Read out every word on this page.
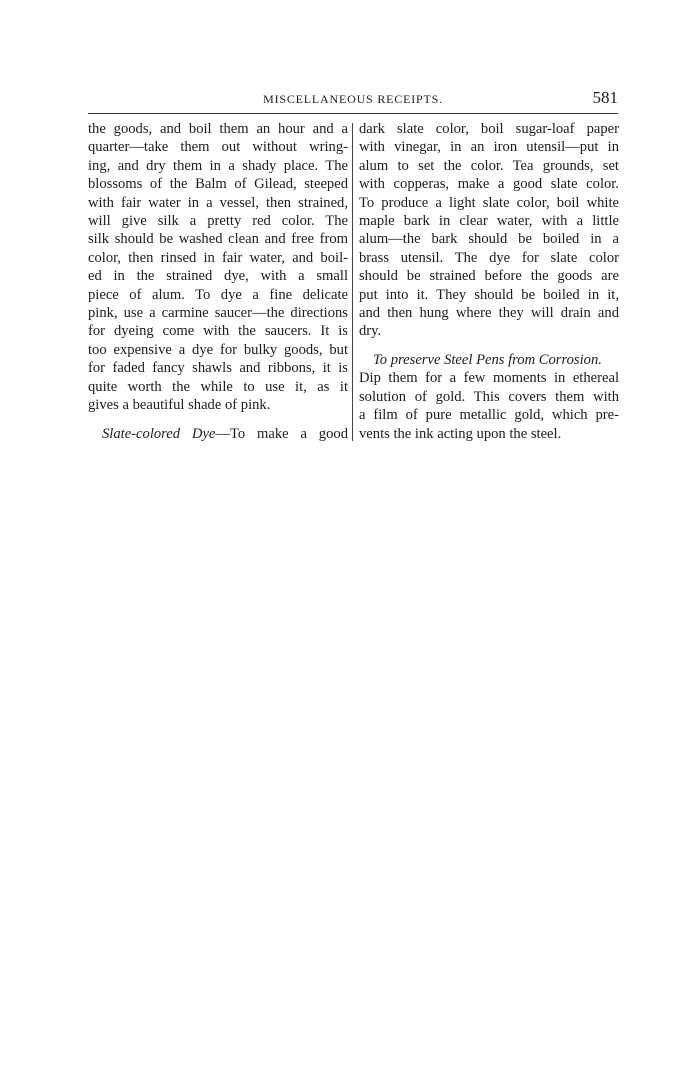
MISCELLANEOUS RECEIPTS.	581
the goods, and boil them an hour and a
quarter—take them out without wring-
ing, and dry them in a shady place. The
blossoms of the Balm of Gilead, steeped
with fair water in a vessel, then strained,
will give silk a pretty red color. The
silk should be washed clean and free from
color, then rinsed in fair water, and boil-
ed in the strained dye, with a small
piece of alum. To dye a fine delicate
pink, use a carmine saucer—the directions
for dyeing come with the saucers. It is
too expensive a dye for bulky goods, but
for faded fancy shawls and ribbons, it is
quite worth the while to use it, as it
gives a beautiful shade of pink.
Slate-colored Dye—To make a good
dark slate color, boil sugar-loaf paper
with vinegar, in an iron utensil—put in
alum to set the color. Tea grounds, set
with copperas, make a good slate color.
To produce a light slate color, boil white
maple bark in clear water, with a little
alum—the bark should be boiled in a
brass utensil. The dye for slate color
should be strained before the goods are
put into it. They should be boiled in it,
and then hung where they will drain and
dry.
To preserve Steel Pens from Corrosion.
Dip them for a few moments in ethereal
solution of gold. This covers them with
a film of pure metallic gold, which pre-
vents the ink acting upon the steel.
